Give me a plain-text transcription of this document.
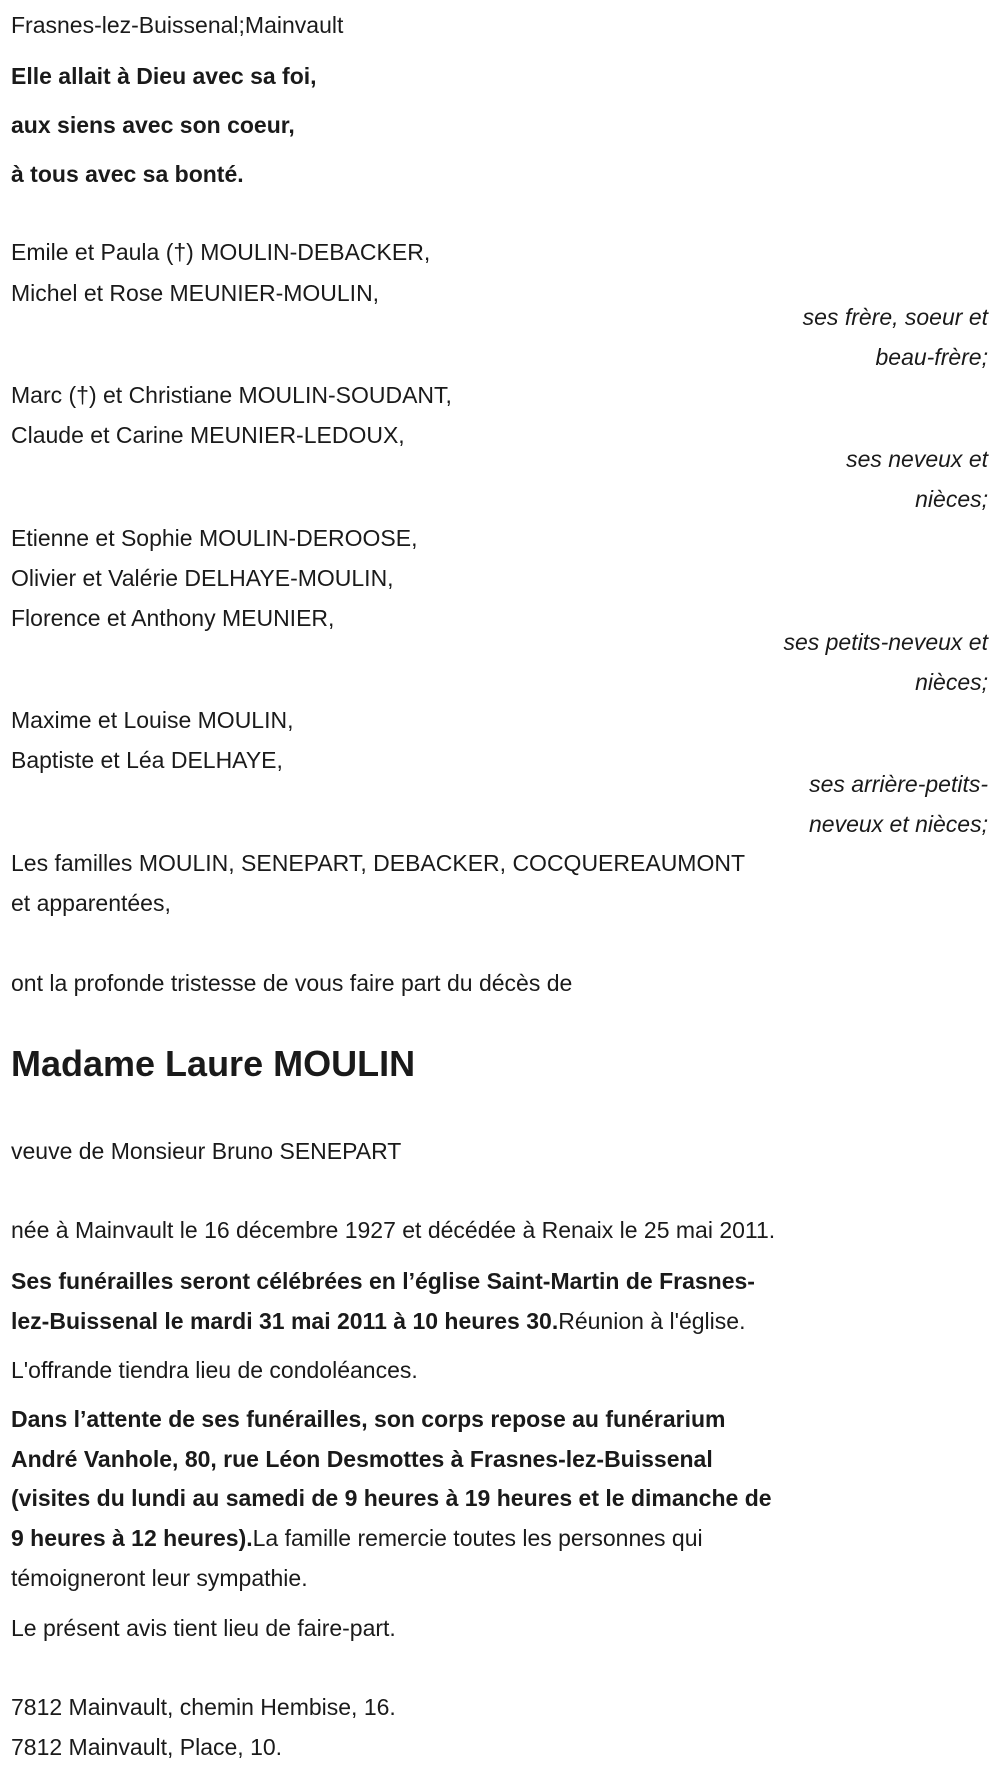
Frasnes-lez-Buissenal;Mainvault
Elle allait à Dieu avec sa foi,
aux siens avec son coeur,
à tous avec sa bonté.
Emile et Paula (†) MOULIN-DEBACKER,
Michel et Rose MEUNIER-MOULIN,
ses frère, soeur et
beau-frère;
Marc (†) et Christiane MOULIN-SOUDANT,
Claude et Carine MEUNIER-LEDOUX,
ses neveux et
nièces;
Etienne et Sophie MOULIN-DEROOSE,
Olivier et Valérie DELHAYE-MOULIN,
Florence et Anthony MEUNIER,
ses petits-neveux et
nièces;
Maxime et Louise MOULIN,
Baptiste et Léa DELHAYE,
ses arrière-petits-
neveux et nièces;
Les familles MOULIN, SENEPART, DEBACKER, COCQUEREAUMONT
et apparentées,
ont la profonde tristesse de vous faire part du décès de
Madame Laure MOULIN
veuve de Monsieur Bruno SENEPART
née à Mainvault le 16 décembre 1927 et décédée à Renaix le 25 mai 2011.
Ses funérailles seront célébrées en l’église Saint-Martin de Frasnes-
lez-Buissenal le mardi 31 mai 2011 à 10 heures 30.Réunion à l'église.
L'offrande tiendra lieu de condoléances.
Dans l’attente de ses funérailles, son corps repose au funérarium
André Vanhole, 80, rue Léon Desmottes à Frasnes-lez-Buissenal
(visites du lundi au samedi de 9 heures à 19 heures et le dimanche de
9 heures à 12 heures).La famille remercie toutes les personnes qui
témoigneront leur sympathie.
Le présent avis tient lieu de faire-part.
7812 Mainvault, chemin Hembise, 16.
7812 Mainvault, Place, 10.
